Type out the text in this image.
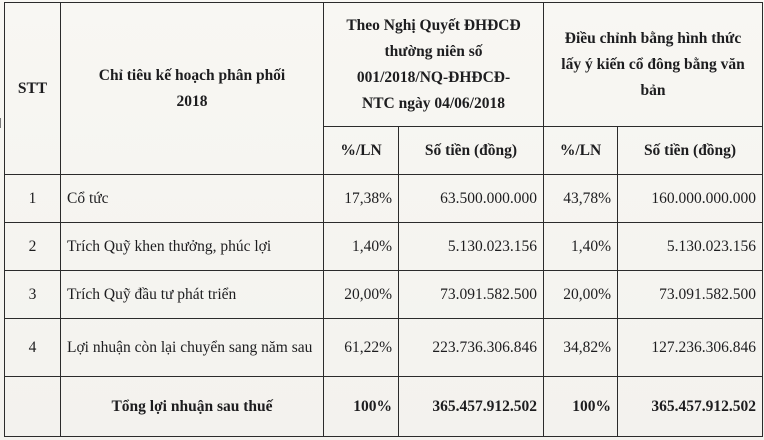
STT	Chỉ tiêu kế hoạch phân phối 2018	Theo Nghị Quyết ĐHĐCĐ thường niên số 001/2018/NQ-ĐHĐCĐ-NTC ngày 04/06/2018		Điều chỉnh bằng hình thức lấy ý kiến cổ đông bằng văn bản	
		%/LN	Số tiền (đồng)	%/LN	Số tiền (đồng)
1	Cổ tức	17,38%	63.500.000.000	43,78%	160.000.000.000
2	Trích Quỹ khen thưởng, phúc lợi	1,40%	5.130.023.156	1,40%	5.130.023.156
3	Trích Quỹ đầu tư phát triển	20,00%	73.091.582.500	20,00%	73.091.582.500
4	Lợi nhuận còn lại chuyển sang năm sau	61,22%	223.736.306.846	34,82%	127.236.306.846
	Tổng lợi nhuận sau thuế	100%	365.457.912.502	100%	365.457.912.502
